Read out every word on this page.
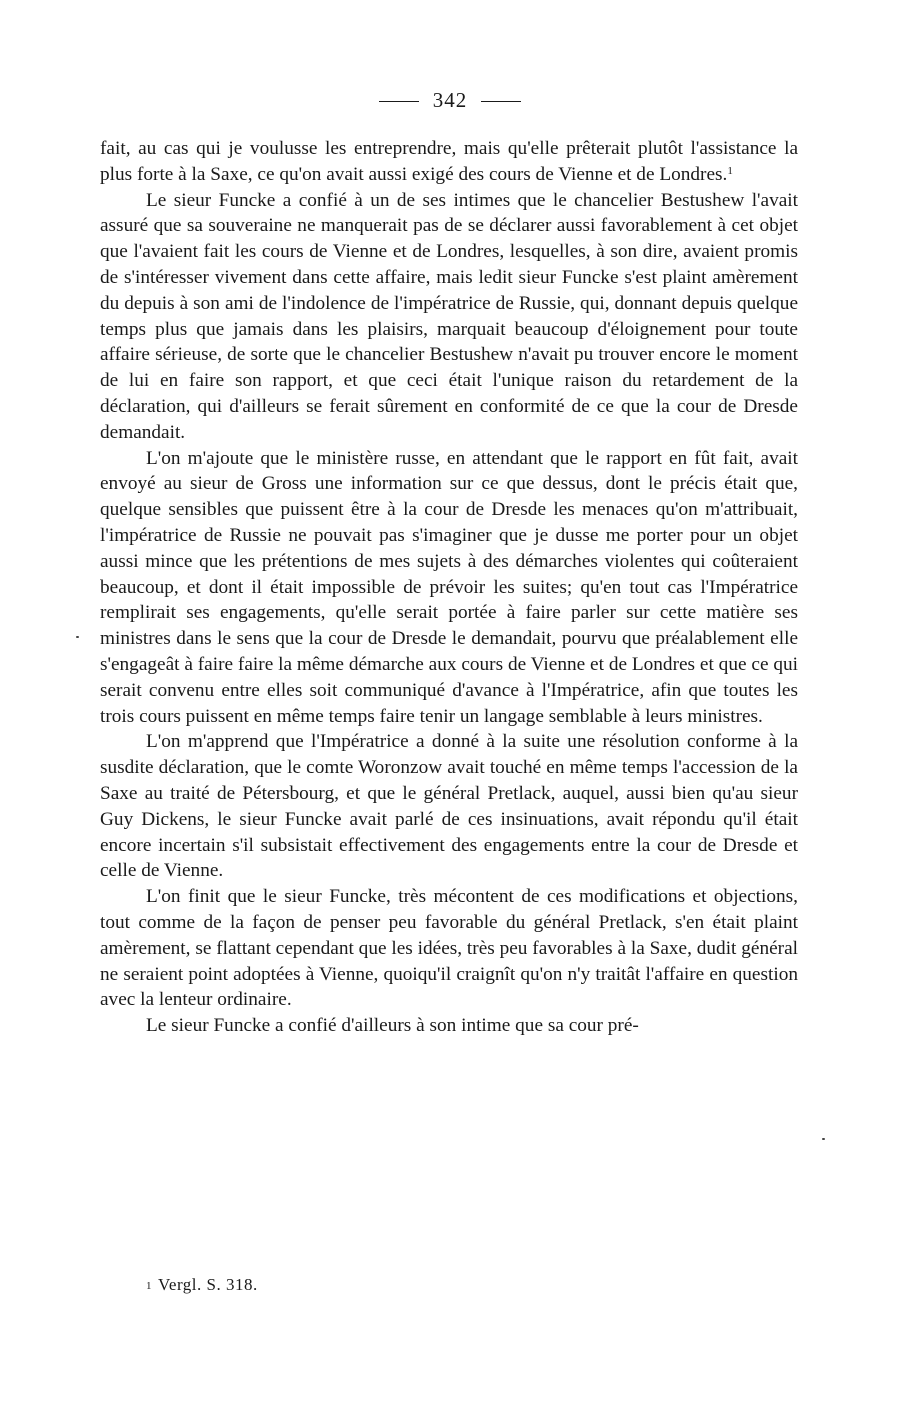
342

fait, au cas qui je voulusse les entreprendre, mais qu'elle prêterait plutôt l'assistance la plus forte à la Saxe, ce qu'on avait aussi exigé des cours de Vienne et de Londres.$^1$

Le sieur Funcke a confié à un de ses intimes que le chancelier Bestushew l'avait assuré que sa souveraine ne manquerait pas de se déclarer aussi favorablement à cet objet que l'avaient fait les cours de Vienne et de Londres, lesquelles, à son dire, avaient promis de s'intéresser vivement dans cette affaire, mais ledit sieur Funcke s'est plaint amèrement du depuis à son ami de l'indolence de l'impératrice de Russie, qui, donnant depuis quelque temps plus que jamais dans les plaisirs, marquait beaucoup d'éloignement pour toute affaire sérieuse, de sorte que le chancelier Bestushew n'avait pu trouver encore le moment de lui en faire son rapport, et que ceci était l'unique raison du retardement de la déclaration, qui d'ailleurs se ferait sûrement en conformité de ce que la cour de Dresde demandait.

L'on m'ajoute que le ministère russe, en attendant que le rapport en fût fait, avait envoyé au sieur de Gross une information sur ce que dessus, dont le précis était que, quelque sensibles que puissent être à la cour de Dresde les menaces qu'on m'attribuait, l'impératrice de Russie ne pouvait pas s'imaginer que je dusse me porter pour un objet aussi mince que les prétentions de mes sujets à des démarches violentes qui coûteraient beaucoup, et dont il était impossible de prévoir les suites; qu'en tout cas l'Impératrice remplirait ses engagements, qu'elle serait portée à faire parler sur cette matière ses ministres dans le sens que la cour de Dresde le demandait, pourvu que préalablement elle s'engageât à faire faire la même démarche aux cours de Vienne et de Londres et que ce qui serait convenu entre elles soit communiqué d'avance à l'Impératrice, afin que toutes les trois cours puissent en même temps faire tenir un langage semblable à leurs ministres.

L'on m'apprend que l'Impératrice a donné à la suite une résolution conforme à la susdite déclaration, que le comte Woronzow avait touché en même temps l'accession de la Saxe au traité de Pétersbourg, et que le général Pretlack, auquel, aussi bien qu'au sieur Guy Dickens, le sieur Funcke avait parlé de ces insinuations, avait répondu qu'il était encore incertain s'il subsistait effectivement des engagements entre la cour de Dresde et celle de Vienne.

L'on finit que le sieur Funcke, très mécontent de ces modifications et objections, tout comme de la façon de penser peu favorable du général Pretlack, s'en était plaint amèrement, se flattant cependant que les idées, très peu favorables à la Saxe, dudit général ne seraient point adoptées à Vienne, quoiqu'il craignît qu'on n'y traitât l'affaire en question avec la lenteur ordinaire.

Le sieur Funcke a confié d'ailleurs à son intime que sa cour pré-

1 Vergl. S. 318.
